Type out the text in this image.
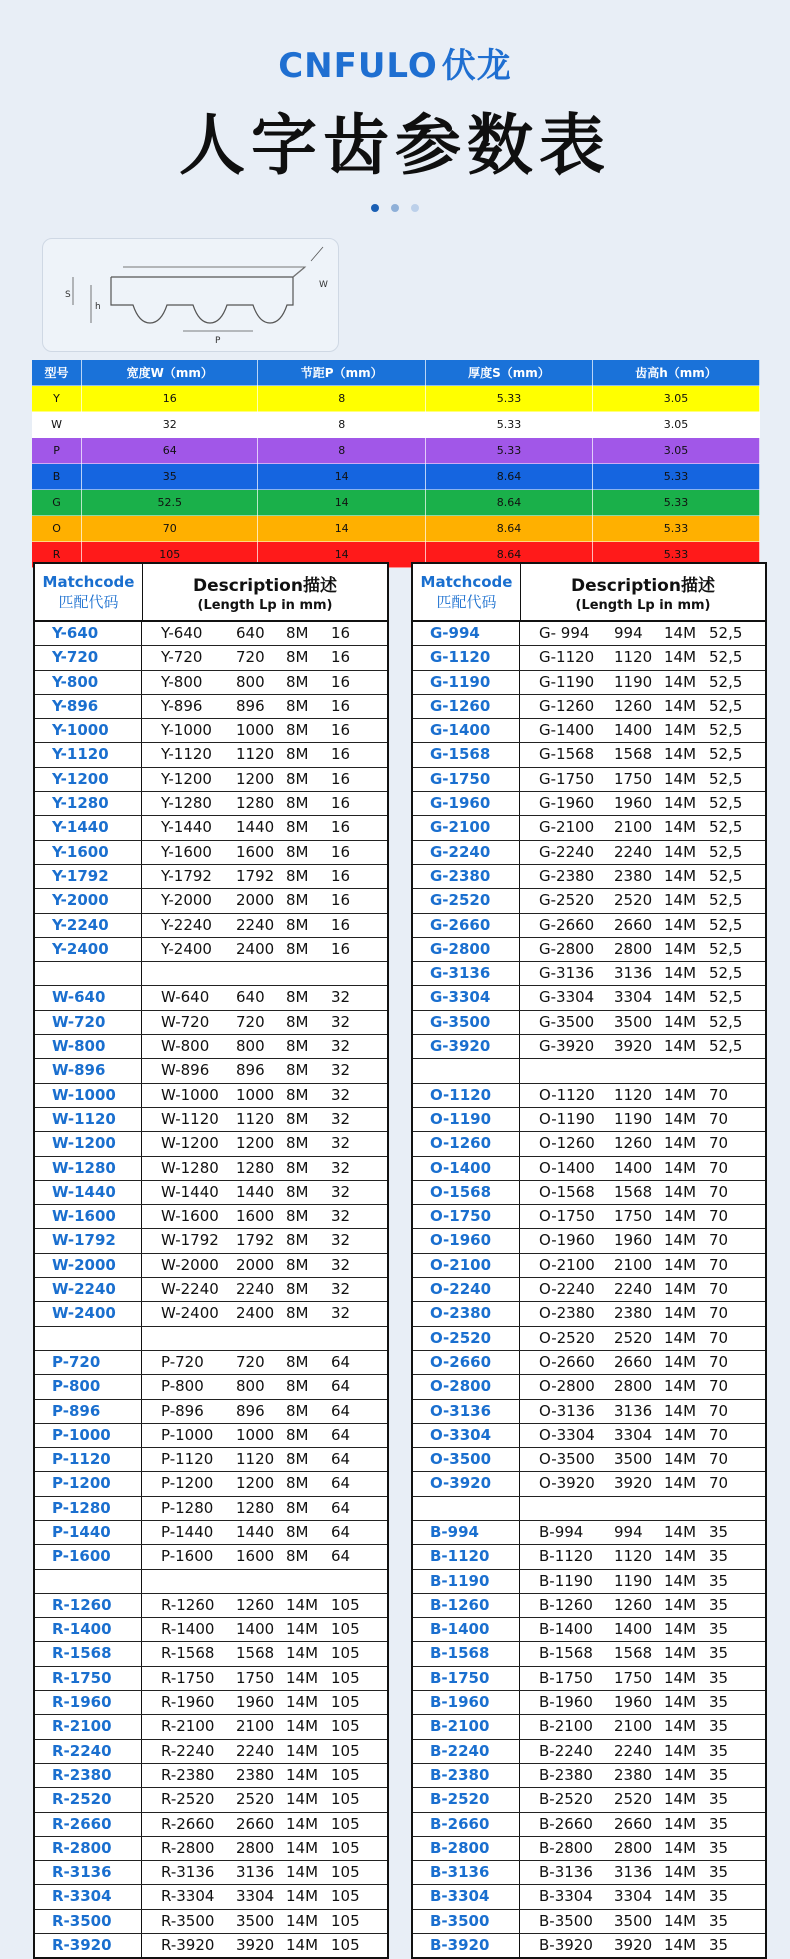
CNFULO 伏龙
人字齿参数表
S
h
P
W
型号	宽度W（mm）	节距P（mm）	厚度S（mm）	齿高h（mm）
Y	16	8	5.33	3.05
W	32	8	5.33	3.05
P	64	8	5.33	3.05
B	35	14	8.64	5.33
G	52.5	14	8.64	5.33
O	70	14	8.64	5.33
R	105	14	8.64	5.33
Matchcode
匹配代码
Description描述
(Length Lp in mm)
Y-640	Y-640	640	8M	16
Y-720	Y-720	720	8M	16
Y-800	Y-800	800	8M	16
Y-896	Y-896	896	8M	16
Y-1000	Y-1000	1000 8M	16
Y-1120	Y-1120	1120 8M	16
Y-1200	Y-1200	1200 8M	16
Y-1280	Y-1280	1280 8M	16
Y-1440	Y-1440	1440 8M	16
Y-1600	Y-1600	1600 8M	16
Y-1792	Y-1792	1792 8M	16
Y-2000	Y-2000	2000 8M	16
Y-2240	Y-2240	2240 8M	16
Y-2400	Y-2400	2400 8M	16
W-640	W-640	640	8M	32
W-720	W-720	720	8M	32
W-800	W-800	800	8M	32
W-896	W-896	896	8M	32
W-1000	W-1000	1000 8M	32
W-1120	W-1120	1120 8M	32
W-1200	W-1200	1200 8M	32
W-1280	W-1280	1280 8M	32
W-1440	W-1440	1440 8M	32
W-1600	W-1600	1600 8M	32
W-1792	W-1792	1792 8M	32
W-2000	W-2000	2000 8M	32
W-2240	W-2240	2240 8M	32
W-2400	W-2400	2400 8M	32
P-720	P-720	720	8M	64
P-800	P-800	800	8M	64
P-896	P-896	896	8M	64
P-1000	P-1000	1000 8M	64
P-1120	P-1120	1120 8M	64
P-1200	P-1200	1200 8M	64
P-1280	P-1280	1280 8M	64
P-1440	P-1440	1440 8M	64
P-1600	P-1600	1600 8M	64
R-1260	R-1260	1260 14M 105
R-1400	R-1400	1400 14M 105
R-1568	R-1568	1568 14M 105
R-1750	R-1750	1750 14M 105
R-1960	R-1960	1960 14M 105
R-2100	R-2100	2100 14M 105
R-2240	R-2240	2240 14M 105
R-2380	R-2380	2380 14M 105
R-2520	R-2520	2520 14M 105
R-2660	R-2660	2660 14M 105
R-2800	R-2800	2800 14M 105
R-3136	R-3136	3136 14M 105
R-3304	R-3304	3304 14M 105
R-3500	R-3500	3500 14M 105
R-3920	R-3920	3920 14M 105
Matchcode
匹配代码
Description描述
(Length Lp in mm)
G-994	G- 994	994	14M 52,5
G-1120	G-1120	1120 14M 52,5
G-1190	G-1190	1190 14M 52,5
G-1260	G-1260	1260 14M 52,5
G-1400	G-1400	1400 14M 52,5
G-1568	G-1568	1568 14M 52,5
G-1750	G-1750	1750 14M 52,5
G-1960	G-1960	1960 14M 52,5
G-2100	G-2100	2100 14M 52,5
G-2240	G-2240	2240 14M 52,5
G-2380	G-2380	2380 14M 52,5
G-2520	G-2520	2520 14M 52,5
G-2660	G-2660	2660 14M 52,5
G-2800	G-2800	2800 14M 52,5
G-3136	G-3136	3136 14M 52,5
G-3304	G-3304	3304 14M 52,5
G-3500	G-3500	3500 14M 52,5
G-3920	G-3920	3920 14M 52,5
O-1120	O-1120	1120 14M 70
O-1190	O-1190	1190 14M 70
O-1260	O-1260	1260 14M 70
O-1400	O-1400	1400 14M 70
O-1568	O-1568	1568 14M 70
O-1750	O-1750	1750 14M 70
O-1960	O-1960	1960 14M 70
O-2100	O-2100	2100 14M 70
O-2240	O-2240	2240 14M 70
O-2380	O-2380	2380 14M 70
O-2520	O-2520	2520 14M 70
O-2660	O-2660	2660 14M 70
O-2800	O-2800	2800 14M 70
O-3136	O-3136	3136 14M 70
O-3304	O-3304	3304 14M 70
O-3500	O-3500	3500 14M 70
O-3920	O-3920	3920 14M 70
B-994	B-994	994	14M 35
B-1120	B-1120	1120 14M 35
B-1190	B-1190	1190 14M 35
B-1260	B-1260	1260 14M 35
B-1400	B-1400	1400 14M 35
B-1568	B-1568	1568 14M 35
B-1750	B-1750	1750 14M 35
B-1960	B-1960	1960 14M 35
B-2100	B-2100	2100 14M 35
B-2240	B-2240	2240 14M 35
B-2380	B-2380	2380 14M 35
B-2520	B-2520	2520 14M 35
B-2660	B-2660	2660 14M 35
B-2800	B-2800	2800 14M 35
B-3136	B-3136	3136 14M 35
B-3304	B-3304	3304 14M 35
B-3500	B-3500	3500 14M 35
B-3920	B-3920	3920 14M 35
